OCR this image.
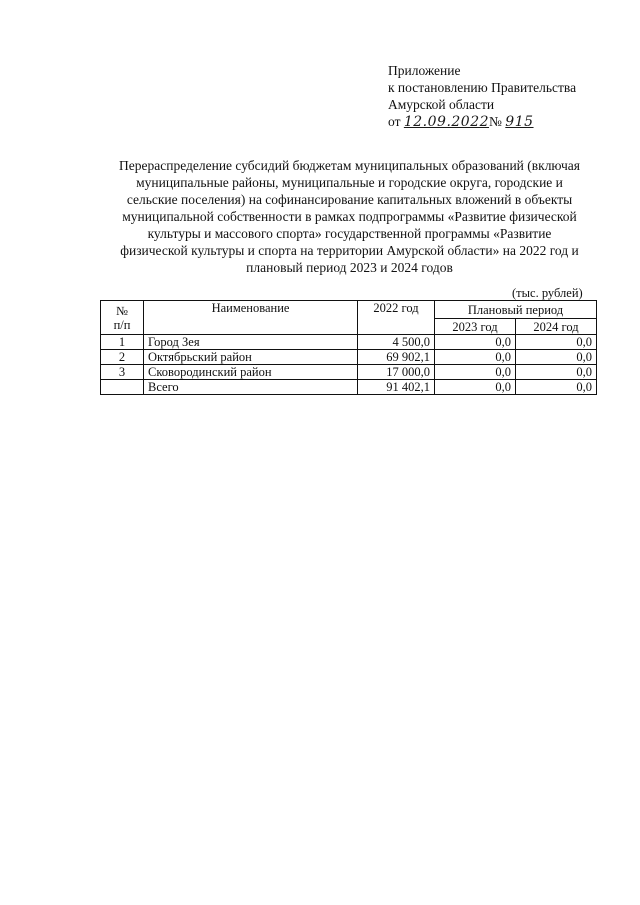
Приложение
к постановлению Правительства
Амурской области
от 12.09.2022№ 915
Перераспределение субсидий бюджетам муниципальных образований (включая
муниципальные районы, муниципальные и городские округа, городские и
сельские поселения) на софинансирование капитальных вложений в объекты
муниципальной собственности в рамках подпрограммы «Развитие физической
культуры и массового спорта» государственной программы «Развитие
физической культуры и спорта на территории Амурской области» на 2022 год и
плановый период 2023 и 2024 годов
(тыс. рублей)
№
п/п	Наименование	2022 год	Плановый период	
			2023 год	2024 год
1	Город Зея	4 500,0	0,0	0,0
2	Октябрьский район	69 902,1	0,0	0,0
3	Сковородинский район	17 000,0	0,0	0,0
	Всего	91 402,1	0,0	0,0
